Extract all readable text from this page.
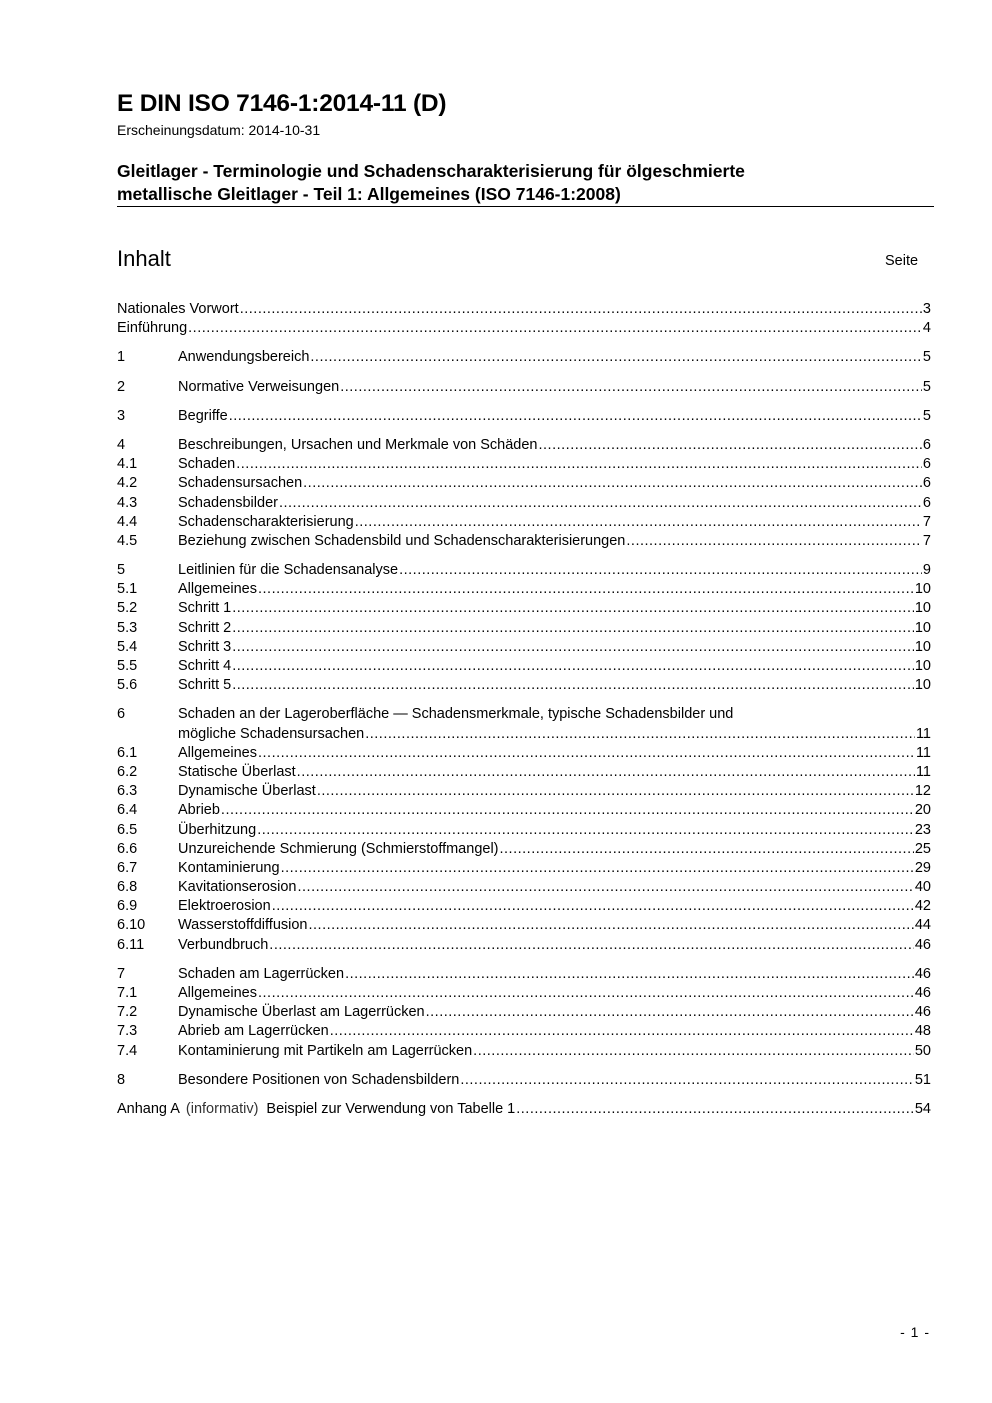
E DIN ISO 7146-1:2014-11 (D)
Erscheinungsdatum: 2014-10-31
Gleitlager - Terminologie und Schadenscharakterisierung für ölgeschmierte
metallische Gleitlager - Teil 1: Allgemeines (ISO 7146-1:2008)
Inhalt	Seite
Nationales Vorwort .....	3
Einführung .....	4
1	Anwendungsbereich .....	5
2	Normative Verweisungen .....	5
3	Begriffe .....	5
4	Beschreibungen, Ursachen und Merkmale von Schäden .....	6
4.1	Schaden .....	6
4.2	Schadensursachen .....	6
4.3	Schadensbilder .....	6
4.4	Schadenscharakterisierung .....	7
4.5	Beziehung zwischen Schadensbild und Schadenscharakterisierungen .....	7
5	Leitlinien für die Schadensanalyse .....	9
5.1	Allgemeines .....	10
5.2	Schritt 1 .....	10
5.3	Schritt 2 .....	10
5.4	Schritt 3 .....	10
5.5	Schritt 4 .....	10
5.6	Schritt 5 .....	10
6	Schaden an der Lageroberfläche — Schadensmerkmale, typische Schadensbilder und
mögliche Schadensursachen .....	11
6.1	Allgemeines .....	11
6.2	Statische Überlast .....	11
6.3	Dynamische Überlast .....	12
6.4	Abrieb .....	20
6.5	Überhitzung .....	23
6.6	Unzureichende Schmierung (Schmierstoffmangel) .....	25
6.7	Kontaminierung .....	29
6.8	Kavitationserosion .....	40
6.9	Elektroerosion .....	42
6.10	Wasserstoffdiffusion .....	44
6.11	Verbundbruch .....	46
7	Schaden am Lagerrücken .....	46
7.1	Allgemeines .....	46
7.2	Dynamische Überlast am Lagerrücken .....	46
7.3	Abrieb am Lagerrücken .....	48
7.4	Kontaminierung mit Partikeln am Lagerrücken .....	50
8	Besondere Positionen von Schadensbildern .....	51
Anhang A (informativ) Beispiel zur Verwendung von Tabelle 1 .....	54
- 1 -
